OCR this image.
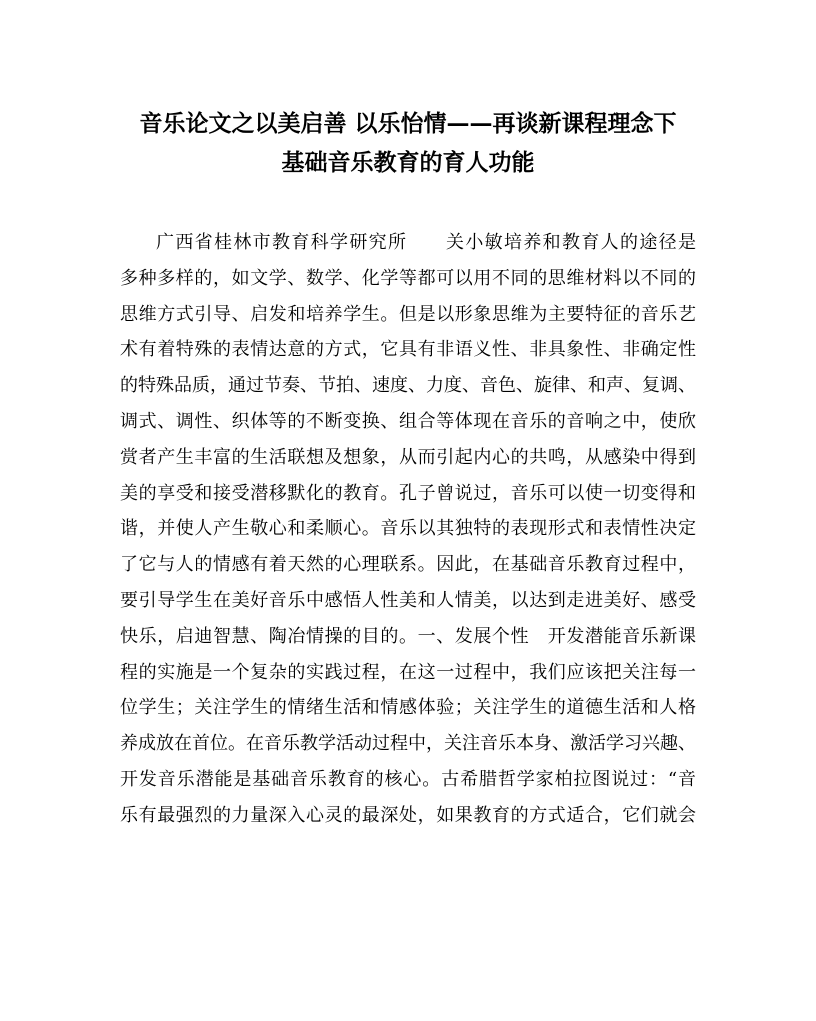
音乐论文之以美启善 以乐怡情——再谈新课程理念下
基础音乐教育的育人功能
广西省桂林市教育科学研究所　　关小敏培养和教育人的途径是
多种多样的，如文学、数学、化学等都可以用不同的思维材料以不同的
思维方式引导、启发和培养学生。但是以形象思维为主要特征的音乐艺
术有着特殊的表情达意的方式，它具有非语义性、非具象性、非确定性
的特殊品质，通过节奏、节拍、速度、力度、音色、旋律、和声、复调、
调式、调性、织体等的不断变换、组合等体现在音乐的音响之中，使欣
赏者产生丰富的生活联想及想象，从而引起内心的共鸣，从感染中得到
美的享受和接受潜移默化的教育。孔子曾说过，音乐可以使一切变得和
谐，并使人产生敬心和柔顺心。音乐以其独特的表现形式和表情性决定
了它与人的情感有着天然的心理联系。因此，在基础音乐教育过程中，
要引导学生在美好音乐中感悟人性美和人情美，以达到走进美好、感受
快乐，启迪智慧、陶冶情操的目的。一、发展个性　开发潜能音乐新课
程的实施是一个复杂的实践过程，在这一过程中，我们应该把关注每一
位学生；关注学生的情绪生活和情感体验；关注学生的道德生活和人格
养成放在首位。在音乐教学活动过程中，关注音乐本身、激活学习兴趣、
开发音乐潜能是基础音乐教育的核心。古希腊哲学家柏拉图说过：“音
乐有最强烈的力量深入心灵的最深处，如果教育的方式适合，它们就会
